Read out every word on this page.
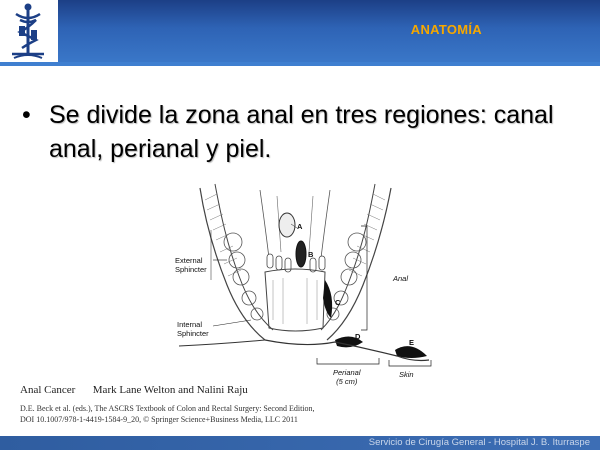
ANATOMÍA
• Se divide la zona anal en tres regiones: canal anal, perianal y piel.
External
Sphincter
Internal
Sphincter
A
B
C
D
E
Anal
Perianal
(5 cm)
Skin
Anal Cancer Mark Lane Welton and Nalini Raju
D.E. Beck et al. (eds.), The ASCRS Textbook of Colon and Rectal Surgery: Second Edition,
DOI 10.1007/978-1-4419-1584-9_20, © Springer Science+Business Media, LLC 2011
Servicio de Cirugía General - Hospital J. B. Iturraspe
